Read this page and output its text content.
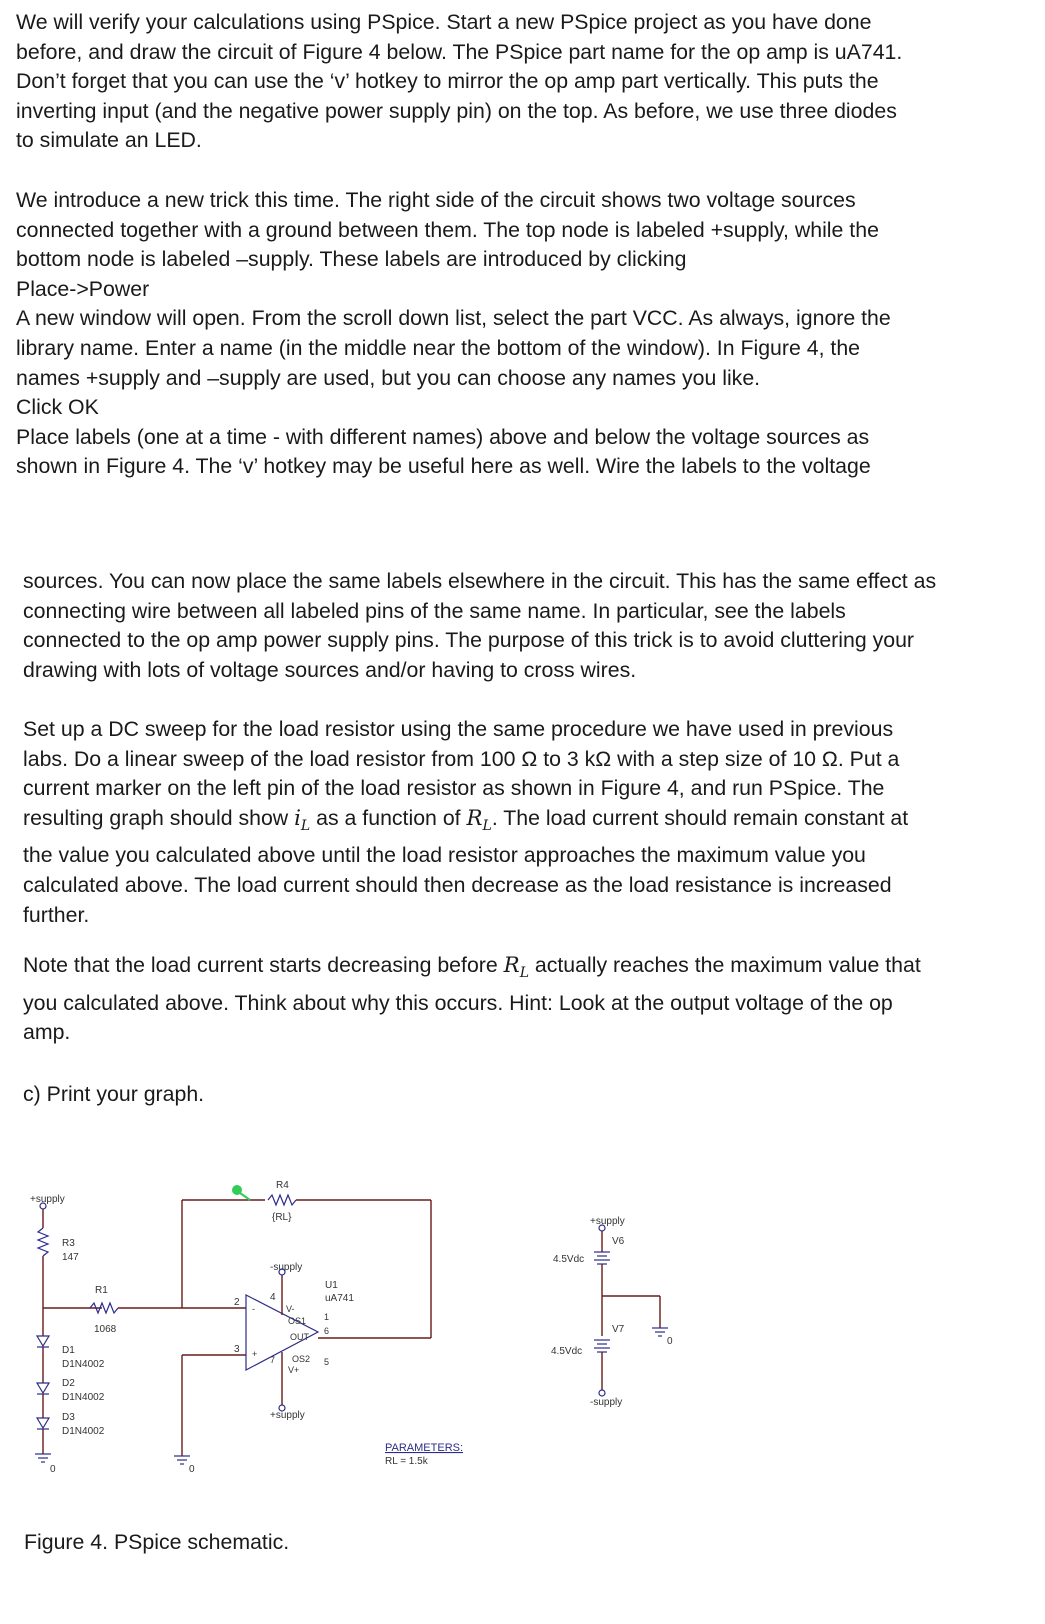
We will verify your calculations using PSpice. Start a new PSpice project as you have done
before, and draw the circuit of Figure 4 below. The PSpice part name for the op amp is uA741.
Don’t forget that you can use the ‘v’ hotkey to mirror the op amp part vertically. This puts the
inverting input (and the negative power supply pin) on the top. As before, we use three diodes
to simulate an LED.
We introduce a new trick this time. The right side of the circuit shows two voltage sources
connected together with a ground between them. The top node is labeled +supply, while the
bottom node is labeled –supply. These labels are introduced by clicking
Place->Power
A new window will open. From the scroll down list, select the part VCC. As always, ignore the
library name. Enter a name (in the middle near the bottom of the window). In Figure 4, the
names +supply and –supply are used, but you can choose any names you like.
Click OK
Place labels (one at a time - with different names) above and below the voltage sources as
shown in Figure 4. The ‘v’ hotkey may be useful here as well. Wire the labels to the voltage
sources. You can now place the same labels elsewhere in the circuit. This has the same effect as
connecting wire between all labeled pins of the same name. In particular, see the labels
connected to the op amp power supply pins. The purpose of this trick is to avoid cluttering your
drawing with lots of voltage sources and/or having to cross wires.
Set up a DC sweep for the load resistor using the same procedure we have used in previous
labs. Do a linear sweep of the load resistor from 100 Ω to 3 kΩ with a step size of 10 Ω. Put a
current marker on the left pin of the load resistor as shown in Figure 4, and run PSpice. The
resulting graph should show $i_L$ as a function of $R_L$. The load current should remain constant at
the value you calculated above until the load resistor approaches the maximum value you
calculated above. The load current should then decrease as the load resistance is increased
further.
Note that the load current starts decreasing before $R_L$ actually reaches the maximum value that
you calculated above. Think about why this occurs. Hint: Look at the output voltage of the op
amp.
c) Print your graph.
+supply
R3
147
R1
1068
D1
D1N4002
D2
D1N4002
D3
D1N4002
0
R4
{RL}
2
3
0
-
+
-supply
4
U1
uA741
V-
OS1 1
OUT
6
OS2 5
V+
7
+supply
+supply
V6
4.5Vdc
0
V7
4.5Vdc
-supply
PARAMETERS:
RL = 1.5k
Figure 4. PSpice schematic.
